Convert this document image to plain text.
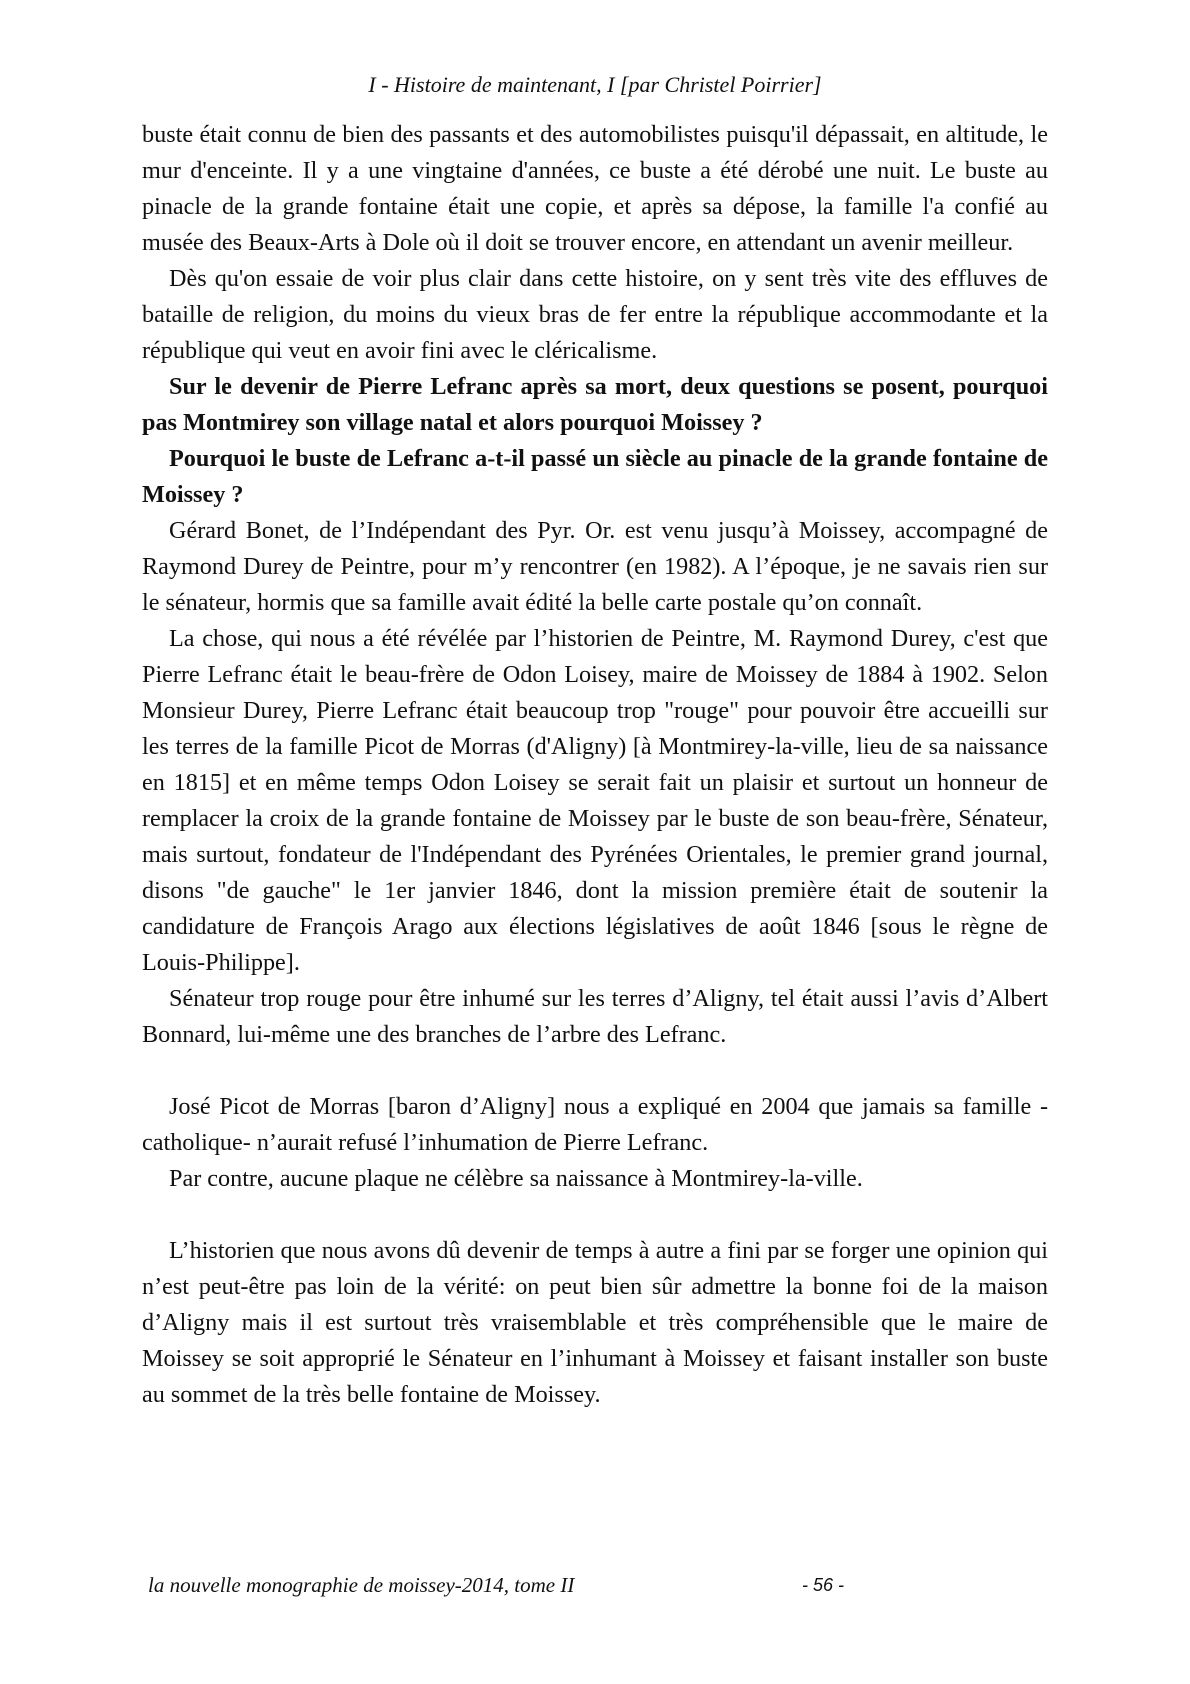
I - Histoire de maintenant, I [par Christel Poirrier]

buste était connu de bien des passants et des automobilistes puisqu'il dépassait, en altitude, le mur d'enceinte. Il y a une vingtaine d'années, ce buste a été dérobé une nuit. Le buste au pinacle de la grande fontaine était une copie, et après sa dépose, la famille l'a confié au musée des Beaux-Arts à Dole où il doit se trouver encore, en attendant un avenir meilleur.

Dès qu'on essaie de voir plus clair dans cette histoire, on y sent très vite des effluves de bataille de religion, du moins du vieux bras de fer entre la république accommodante et la république qui veut en avoir fini avec le cléricalisme.

Sur le devenir de Pierre Lefranc après sa mort, deux questions se posent, pourquoi pas Montmirey son village natal et alors pourquoi Moissey ?

Pourquoi le buste de Lefranc a-t-il passé un siècle au pinacle de la grande fontaine de Moissey ?

Gérard Bonet, de l’Indépendant des Pyr. Or. est venu jusqu’à Moissey, accompagné de Raymond Durey de Peintre, pour m’y rencontrer (en 1982). A l’époque, je ne savais rien sur le sénateur, hormis que sa famille avait édité la belle carte postale qu’on connaît.

La chose, qui nous a été révélée par l’historien de Peintre, M. Raymond Durey, c'est que Pierre Lefranc était le beau-frère de Odon Loisey, maire de Moissey de 1884 à 1902. Selon Monsieur Durey, Pierre Lefranc était beaucoup trop "rouge" pour pouvoir être accueilli sur les terres de la famille Picot de Morras (d'Aligny) [à Montmirey-la-ville, lieu de sa naissance en 1815] et en même temps Odon Loisey se serait fait un plaisir et surtout un honneur de remplacer la croix de la grande fontaine de Moissey par le buste de son beau-frère, Sénateur, mais surtout, fondateur de l'Indépendant des Pyrénées Orientales, le premier grand journal, disons "de gauche" le 1er janvier 1846, dont la mission première était de soutenir la candidature de François Arago aux élections législatives de août 1846 [sous le règne de Louis-Philippe].

Sénateur trop rouge pour être inhumé sur les terres d’Aligny, tel était aussi l’avis d’Albert Bonnard, lui-même une des branches de l’arbre des Lefranc.

José Picot de Morras [baron d’Aligny] nous a expliqué en 2004 que jamais sa famille -catholique- n’aurait refusé l’inhumation de Pierre Lefranc.

Par contre, aucune plaque ne célèbre sa naissance à Montmirey-la-ville.

L’historien que nous avons dû devenir de temps à autre a fini par se forger une opinion qui n’est peut-être pas loin de la vérité: on peut bien sûr admettre la bonne foi de la maison d’Aligny mais il est surtout très vraisemblable et très compréhensible que le maire de Moissey se soit approprié le Sénateur en l’inhumant à Moissey et faisant installer son buste au sommet de la très belle fontaine de Moissey.

la nouvelle monographie de moissey-2014, tome II	- 56 -
